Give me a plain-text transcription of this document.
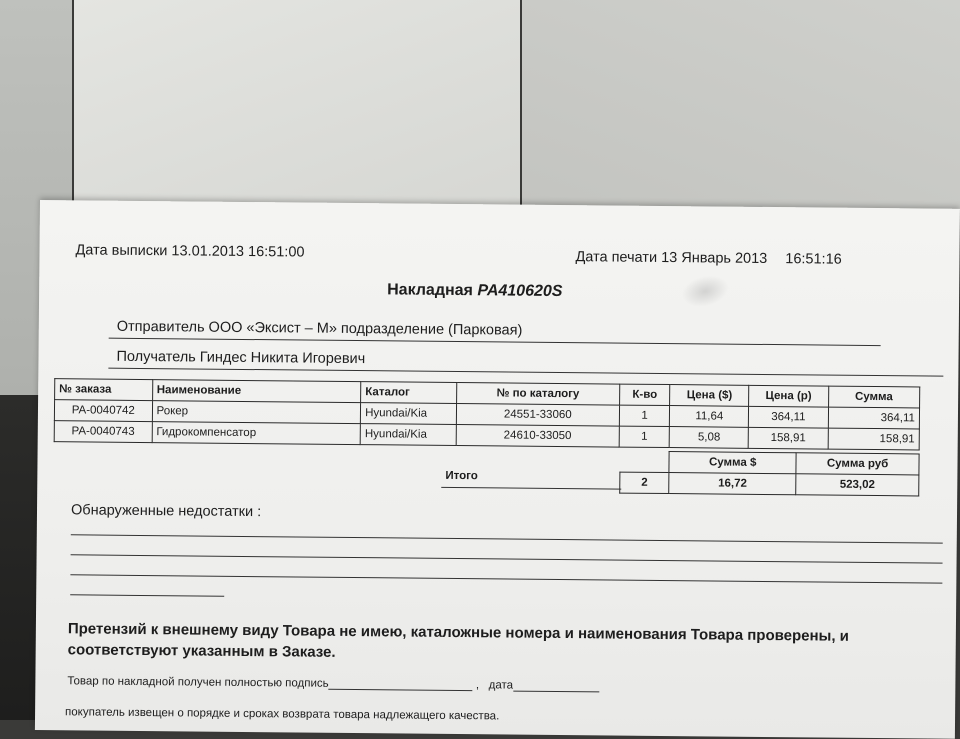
Дата выписки 13.01.2013 16:51:00	Дата печати 13 Январь 2013 16:51:16
Накладная PA410620S
Отправитель ООО «Эксист – М» подразделение (Парковая)
Получатель Гиндес Никита Игоревич
№ заказа	Наименование	Каталог	№ по каталогу	К-во	Цена ($)	Цена (р)	Сумма
PA-0040742	Рокер	Hyundai/Kia	24551-33060	1	11,64	364,11	364,11
PA-0040743	Гидрокомпенсатор	Hyundai/Kia	24610-33050	1	5,08	158,91	158,91
	Сумма $	Сумма руб
2	16,72	523,02
Итого
Обнаруженные недостатки :
Претензий к внешнему виду Товара не имею, каталожные номера и наименования Товара проверены, и соответствуют указанным в Заказе.
Товар по накладной получен полностью подпись	, дата
покупатель извещен о порядке и сроках возврата товара надлежащего качества.
